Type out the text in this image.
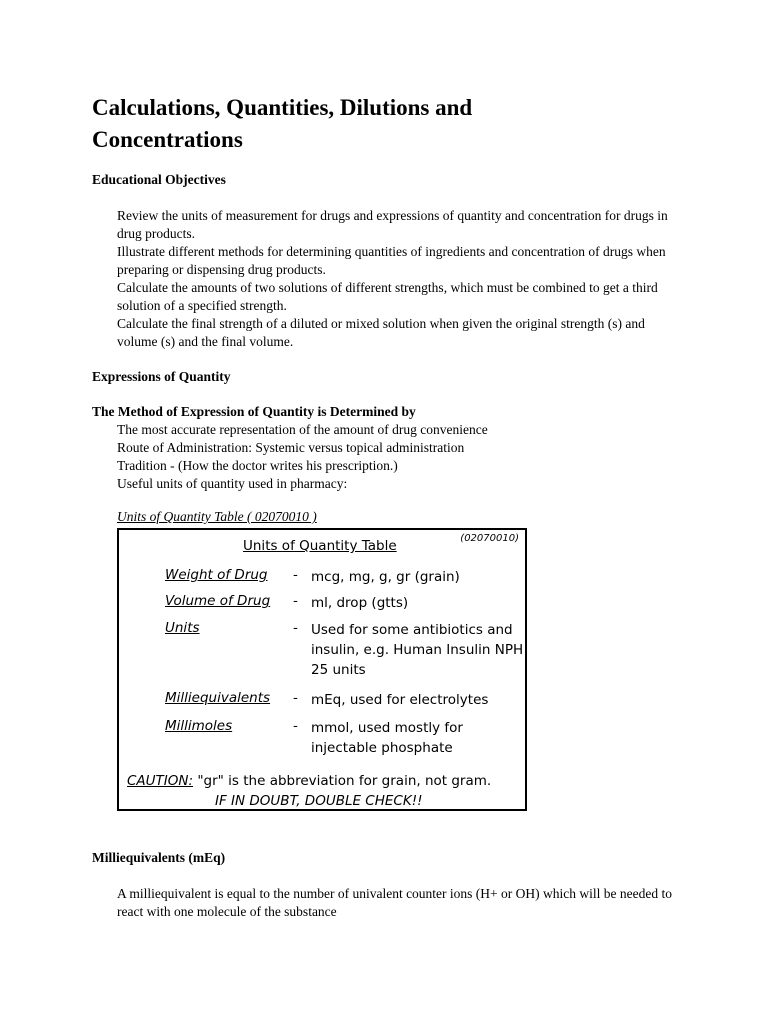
Calculations, Quantities, Dilutions and Concentrations
Educational Objectives

Review the units of measurement for drugs and expressions of quantity and concentration for drugs in drug products.

Illustrate different methods for determining quantities of ingredients and concentration of drugs when preparing or dispensing drug products.

Calculate the amounts of two solutions of different strengths, which must be combined to get a third solution of a specified strength.

Calculate the final strength of a diluted or mixed solution when given the original strength (s) and volume (s) and the final volume.

Expressions of Quantity
The Method of Expression of Quantity is Determined by

The most accurate representation of the amount of drug convenience

Route of Administration: Systemic versus topical administration

Tradition - (How the doctor writes his prescription.)

Useful units of quantity used in pharmacy:

Units of Quantity Table ( 02070010 )
Units of Quantity Table	(02070010)
Weight of Drug - mcg, mg, g, gr (grain)
Volume of Drug - ml, drop (gtts)
Units	- Used for some antibiotics and insulin, e.g. Human Insulin NPH 25 units
Milliequivalents - mEq, used for electrolytes
Millimoles	- mmol, used mostly for injectable phosphate
CAUTION: "gr" is the abbreviation for grain, not gram.
IF IN DOUBT, DOUBLE CHECK!!
Milliequivalents (mEq)

A milliequivalent is equal to the number of univalent counter ions (H+ or OH) which will be needed to react with one molecule of the substance
